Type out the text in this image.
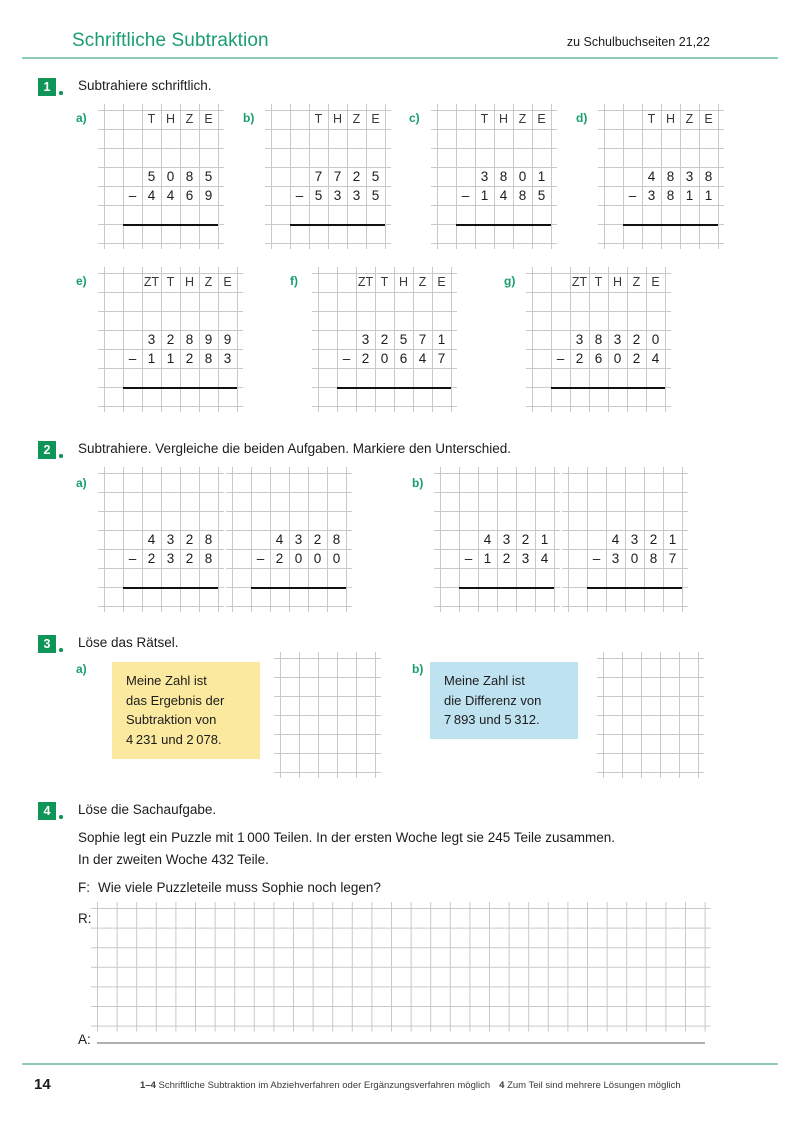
Schriftliche Subtraktion	zu Schulbuchseiten 21,22
1	Subtrahiere schriftlich.
a)	T H Z E
5 0 8 5
– 4 4 6 9
b)	T H Z E
7 7 2 5
– 5 3 3 5
c)	T H Z E
3 8 0 1
– 1 4 8 5
d)	T H Z E
4 8 3 8
– 3 8 1 1
e)	ZT T H Z E
3 2 8 9 9
– 1 1 2 8 3
f)	ZT T H Z E
3 2 5 7 1
– 2 0 6 4 7
g)	ZT T H Z E
3 8 3 2 0
– 2 6 0 2 4
2	Subtrahiere. Vergleiche die beiden Aufgaben. Markiere den Unterschied.
a)	b)
4 3 2 8
– 2 3 2 8
4 3 2 8
– 2 0 0 0
4 3 2 1
– 1 2 3 4
4 3 2 1
– 3 0 8 7
3	Löse das Rätsel.
a)
Meine Zahl ist
das Ergebnis der
Subtraktion von
4 231 und 2 078.
b)
Meine Zahl ist
die Differenz von
7 893 und 5 312.
4	Löse die Sachaufgabe.
Sophie legt ein Puzzle mit 1 000 Teilen. In der ersten Woche legt sie 245 Teile zusammen.
In der zweiten Woche 432 Teile.
F: Wie viele Puzzleteile muss Sophie noch legen?
R:
A:
14	1–4 Schriftliche Subtraktion im Abziehverfahren oder Ergänzungsverfahren möglich 4 Zum Teil sind mehrere Lösungen möglich
